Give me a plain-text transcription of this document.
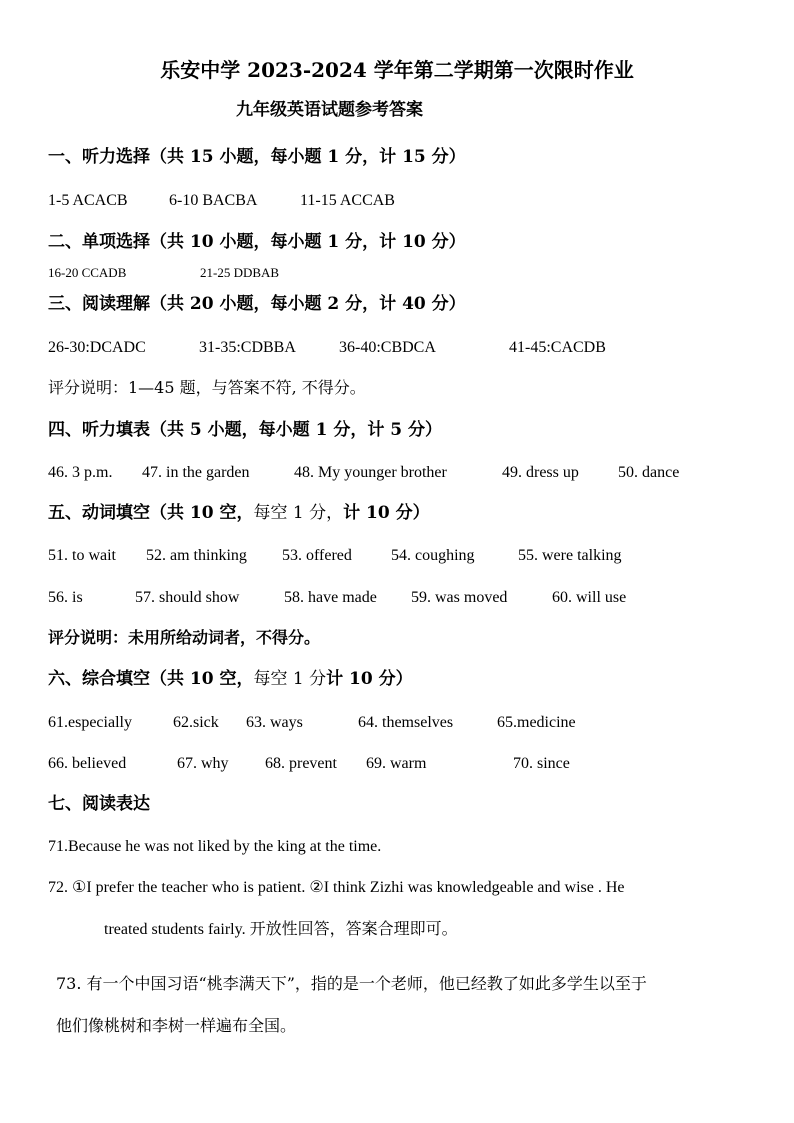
乐安中学 2023-2024 学年第二学期第一次限时作业
九年级英语试题参考答案
一、听力选择（共 15 小题，每小题 1 分，计 15 分）
1-5 ACACB	6-10 BACBA	11-15 ACCAB
二、单项选择（共 10 小题，每小题 1 分，计 10 分）
16-20 CCADB	21-25 DDBAB
三、阅读理解（共 20 小题，每小题 2 分，计 40 分）
26-30:DCADC	31-35:CDBBA	36-40:CBDCA	41-45:CACDB
评分说明：1—45 题，与答案不符, 不得分。
四、听力填表（共 5 小题，每小题 1 分，计 5 分）
46. 3 p.m. 47. in the garden	48. My younger brother	49. dress up 50. dance
五、动词填空（共 10 空，每空 1 分，计 10 分）
51. to wait 52. am thinking 53. offered 54. coughing	55. were talking
56. is	57. should show	58. have made 59. was moved	60. will use
评分说明：未用所给动词者，不得分。
六、综合填空（共 10 空，每空 1 分计 10 分）
61.especially	62.sick 63. ways	64. themselves	65.medicine
66. believed	67. why 68. prevent 69. warm	70. since
七、阅读表达
71.Because he was not liked by the king at the time.
72. ①I prefer the teacher who is patient. ②I think Zizhi was knowledgeable and wise . He
treated students fairly. 开放性回答，答案合理即可。
73. 有一个中国习语“桃李满天下”，指的是一个老师，他已经教了如此多学生以至于
他们像桃树和李树一样遍布全国。
